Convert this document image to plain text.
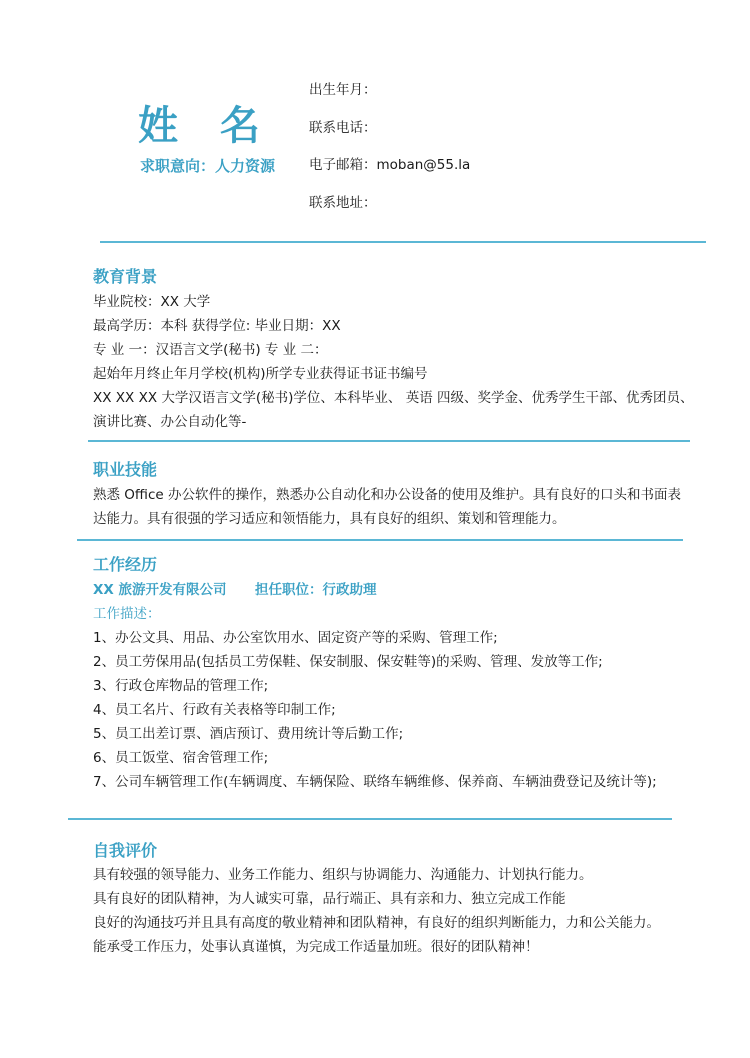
姓 名
求职意向：人力资源
出生年月：
联系电话：
电子邮箱：moban@55.la
联系地址：
教育背景
毕业院校：XX 大学
最高学历：本科 获得学位: 毕业日期：XX
专 业 一：汉语言文学(秘书) 专 业 二：
起始年月终止年月学校(机构)所学专业获得证书证书编号
XX XX XX 大学汉语言文学(秘书)学位、本科毕业、 英语 四级、奖学金、优秀学生干部、优秀团员、
演讲比赛、办公自动化等-
职业技能
熟悉 Office 办公软件的操作，熟悉办公自动化和办公设备的使用及维护。具有良好的口头和书面表
达能力。具有很强的学习适应和领悟能力，具有良好的组织、策划和管理能力。
工作经历
XX 旅游开发有限公司 担任职位：行政助理
工作描述：
1、办公文具、用品、办公室饮用水、固定资产等的采购、管理工作;
2、员工劳保用品(包括员工劳保鞋、保安制服、保安鞋等)的采购、管理、发放等工作;
3、行政仓库物品的管理工作;
4、员工名片、行政有关表格等印制工作;
5、员工出差订票、酒店预订、费用统计等后勤工作;
6、员工饭堂、宿舍管理工作;
7、公司车辆管理工作(车辆调度、车辆保险、联络车辆维修、保养商、车辆油费登记及统计等);
自我评价
具有较强的领导能力、业务工作能力、组织与协调能力、沟通能力、计划执行能力。
具有良好的团队精神，为人诚实可靠，品行端正、具有亲和力、独立完成工作能
良好的沟通技巧并且具有高度的敬业精神和团队精神，有良好的组织判断能力，力和公关能力。
能承受工作压力，处事认真谨慎，为完成工作适量加班。很好的团队精神！
